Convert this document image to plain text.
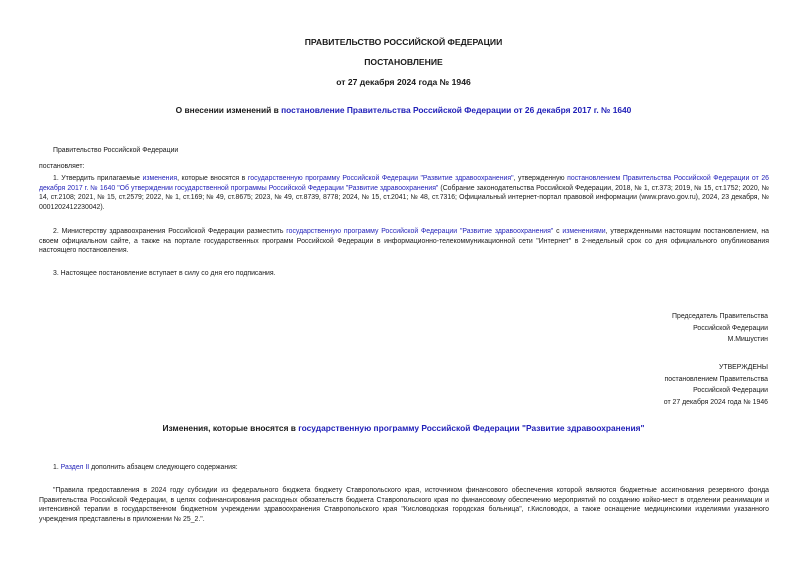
ПРАВИТЕЛЬСТВО РОССИЙСКОЙ ФЕДЕРАЦИИ
ПОСТАНОВЛЕНИЕ
от 27 декабря 2024 года № 1946
О внесении изменений в постановление Правительства Российской Федерации от 26 декабря 2017 г. № 1640
Правительство Российской Федерации
постановляет:
1. Утвердить прилагаемые изменения, которые вносятся в государственную программу Российской Федерации "Развитие здравоохранения", утвержденную постановлением Правительства Российской Федерации от 26 декабря 2017 г. № 1640 "Об утверждении государственной программы Российской Федерации "Развитие здравоохранения" (Собрание законодательства Российской Федерации, 2018, № 1, ст.373; 2019, № 15, ст.1752; 2020, № 14, ст.2108; 2021, № 15, ст.2579; 2022, № 1, ст.169; № 49, ст.8675; 2023, № 49, ст.8739, 8778; 2024, № 15, ст.2041; № 48, ст.7316; Официальный интернет-портал правовой информации (www.pravo.gov.ru), 2024, 23 декабря, № 0001202412230042).
2. Министерству здравоохранения Российской Федерации разместить государственную программу Российской Федерации "Развитие здравоохранения" с изменениями, утвержденными настоящим постановлением, на своем официальном сайте, а также на портале государственных программ Российской Федерации в информационно-телекоммуникационной сети "Интернет" в 2-недельный срок со дня официального опубликования настоящего постановления.
3. Настоящее постановление вступает в силу со дня его подписания.
Председатель Правительства
Российской Федерации
М.Мишустин
УТВЕРЖДЕНЫ
постановлением Правительства
Российской Федерации
от 27 декабря 2024 года № 1946
Изменения, которые вносятся в государственную программу Российской Федерации "Развитие здравоохранения"
1. Раздел II дополнить абзацем следующего содержания:
"Правила предоставления в 2024 году субсидии из федерального бюджета бюджету Ставропольского края, источником финансового обеспечения которой являются бюджетные ассигнования резервного фонда Правительства Российской Федерации, в целях софинансирования расходных обязательств бюджета Ставропольского края по финансовому обеспечению мероприятий по созданию койко-мест в отделении реанимации и интенсивной терапии в государственном бюджетном учреждении здравоохранения Ставропольского края "Кисловодская городская больница", г.Кисловодск, а также оснащение медицинскими изделиями указанного учреждения представлены в приложении № 25_2.".
